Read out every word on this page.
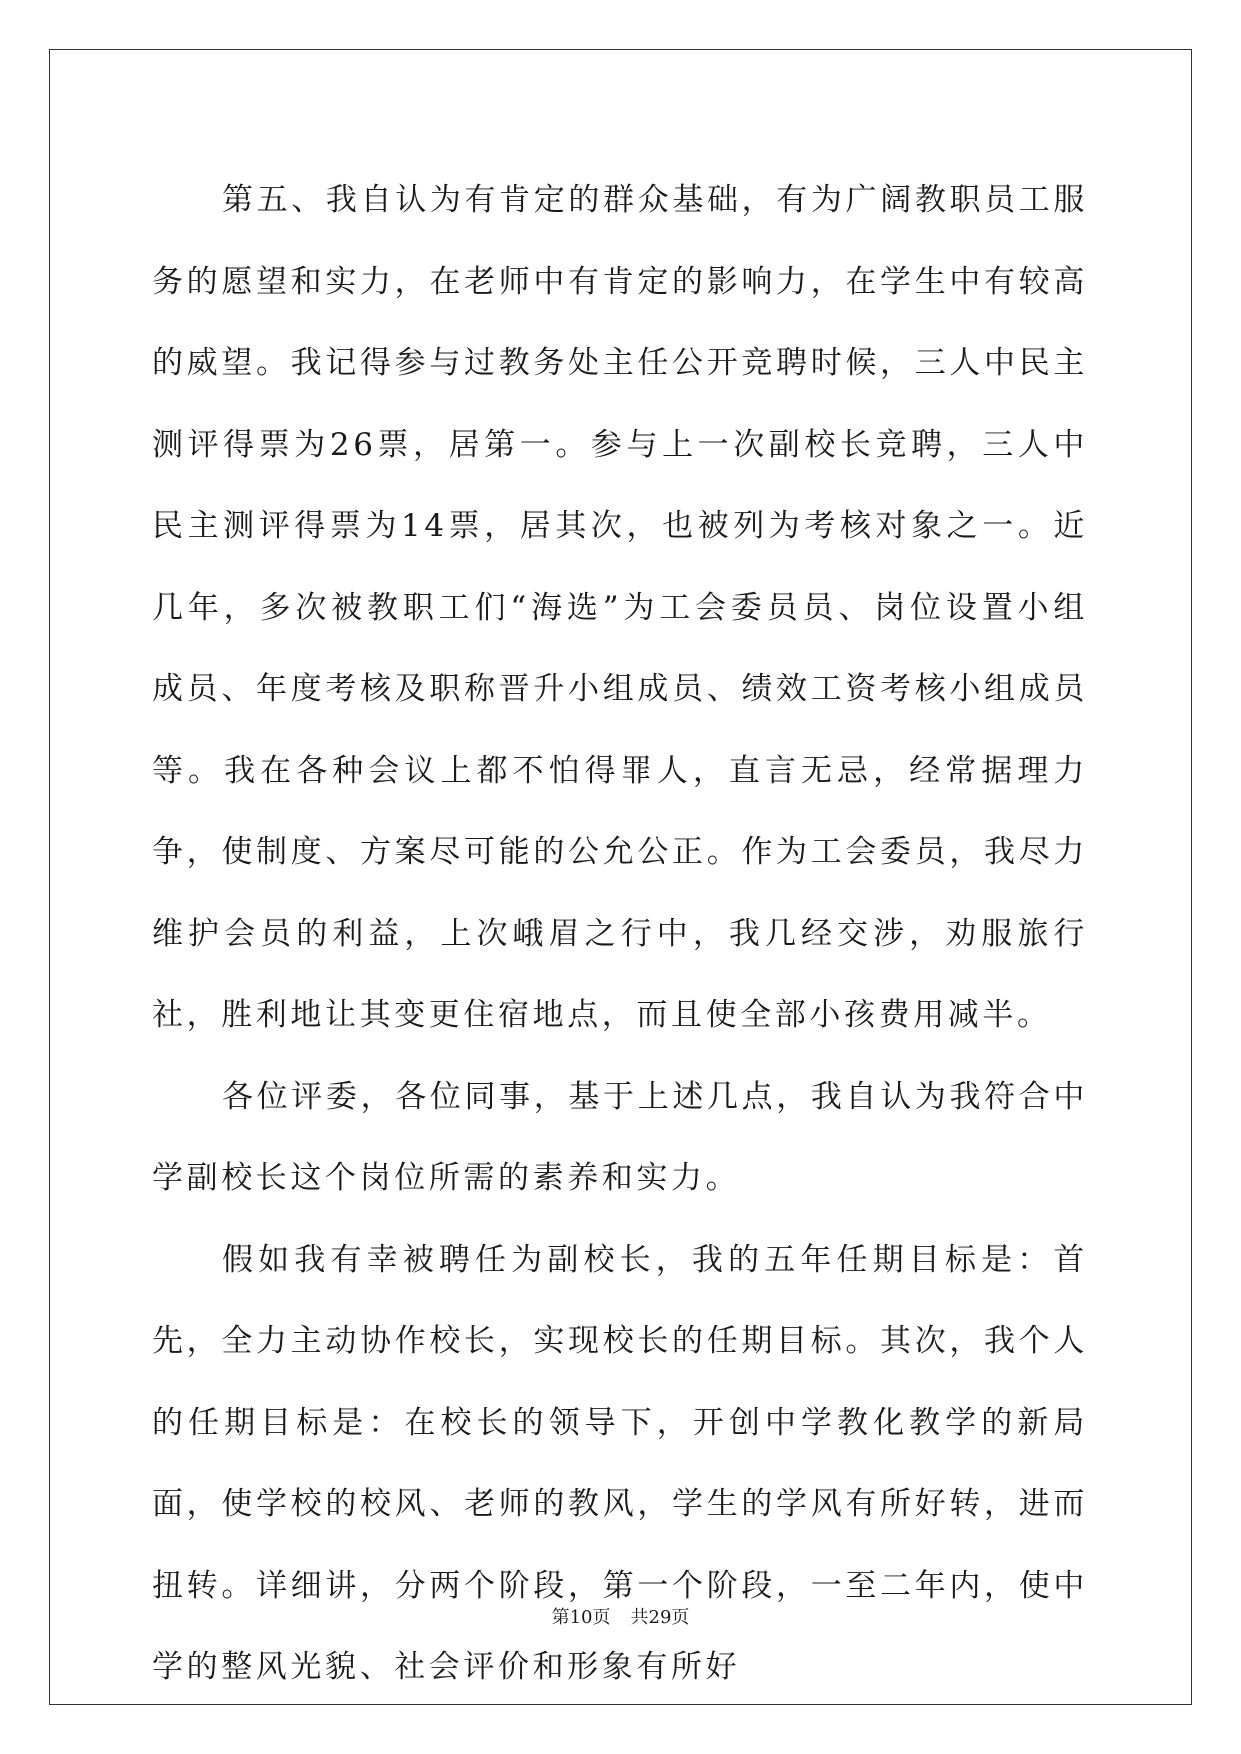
第五、我自认为有肯定的群众基础，有为广阔教职员工服务的愿望和实力，在老师中有肯定的影响力，在学生中有较高的威望。我记得参与过教务处主任公开竞聘时候，三人中民主测评得票为26票，居第一。参与上一次副校长竞聘，三人中民主测评得票为14票，居其次，也被列为考核对象之一。近几年，多次被教职工们“海选”为工会委员员、岗位设置小组成员、年度考核及职称晋升小组成员、绩效工资考核小组成员等。我在各种会议上都不怕得罪人，直言无忌，经常据理力争，使制度、方案尽可能的公允公正。作为工会委员，我尽力维护会员的利益，上次峨眉之行中，我几经交涉，劝服旅行社，胜利地让其变更住宿地点，而且使全部小孩费用减半。

各位评委，各位同事，基于上述几点，我自认为我符合中学副校长这个岗位所需的素养和实力。

假如我有幸被聘任为副校长，我的五年任期目标是：首先，全力主动协作校长，实现校长的任期目标。其次，我个人的任期目标是：在校长的领导下，开创中学教化教学的新局面，使学校的校风、老师的教风，学生的学风有所好转，进而扭转。详细讲，分两个阶段，第一个阶段，一至二年内，使中学的整风光貌、社会评价和形象有所好

第10页 共29页
